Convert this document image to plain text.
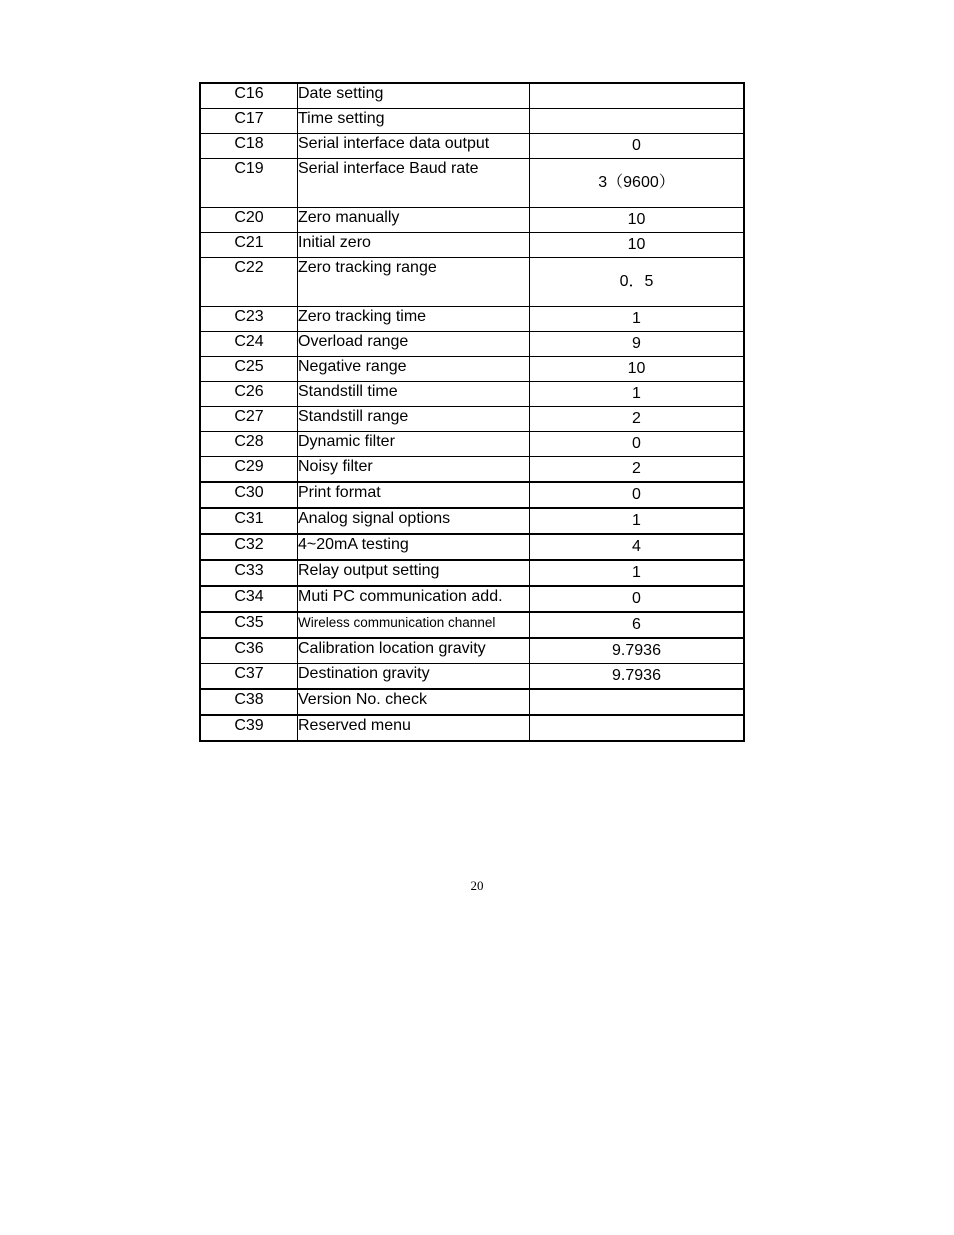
C16	Date setting	
C17	Time setting	
C18	Serial interface data output	0
C19	Serial interface Baud rate	3（9600）
C20	Zero manually	10
C21	Initial zero	10
C22	Zero tracking range	0．5
C23	Zero tracking time	1
C24	Overload range	9
C25	Negative range	10
C26	Standstill time	1
C27	Standstill range	2
C28	Dynamic filter	0
C29	Noisy filter	2
C30	Print format	0
C31	Analog signal options	1
C32	4~20mA testing	4
C33	Relay output setting	1
C34	Muti PC communication add.	0
C35	Wireless communication channel	6
C36	Calibration location gravity	9.7936
C37	Destination gravity	9.7936
C38	Version No. check	
C39	Reserved menu	
20
